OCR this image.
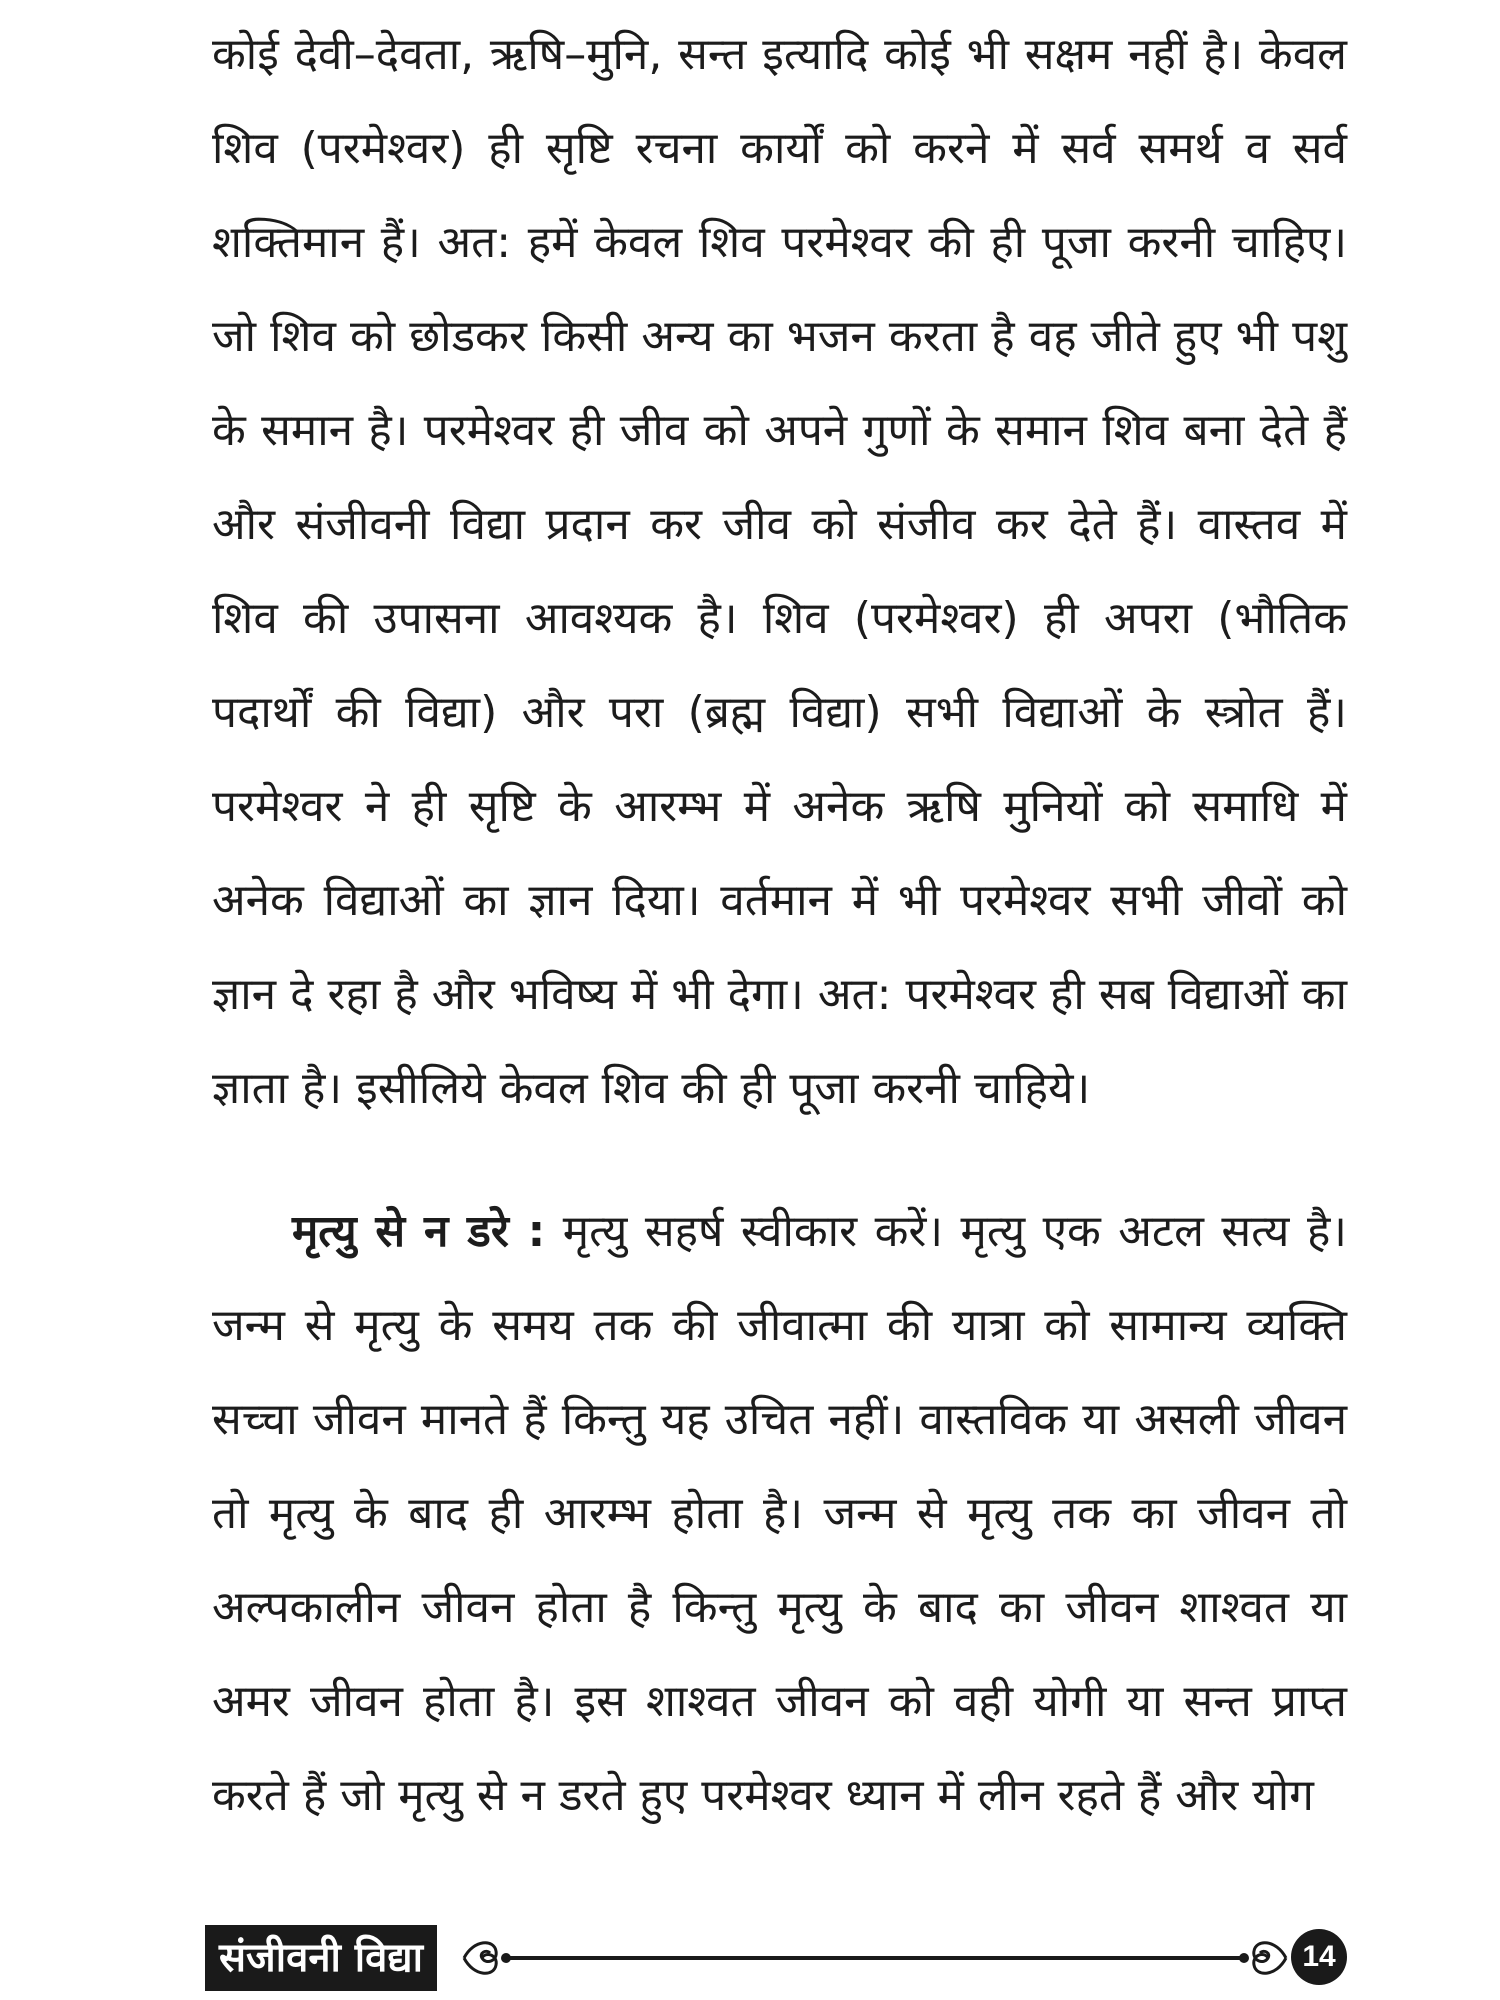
कोई देवी–देवता, ऋषि–मुनि, सन्त इत्यादि कोई भी सक्षम नहीं है। केवल शिव (परमेश्वर) ही सृष्टि रचना कार्यों को करने में सर्व समर्थ व सर्व शक्तिमान हैं। अत: हमें केवल शिव परमेश्वर की ही पूजा करनी चाहिए। जो शिव को छोडकर किसी अन्य का भजन करता है वह जीते हुए भी पशु के समान है। परमेश्वर ही जीव को अपने गुणों के समान शिव बना देते हैं और संजीवनी विद्या प्रदान कर जीव को संजीव कर देते हैं। वास्तव में शिव की उपासना आवश्यक है। शिव (परमेश्वर) ही अपरा (भौतिक पदार्थों की विद्या) और परा (ब्रह्म विद्या) सभी विद्याओं के स्त्रोत हैं। परमेश्वर ने ही सृष्टि के आरम्भ में अनेक ऋषि मुनियों को समाधि में अनेक विद्याओं का ज्ञान दिया। वर्तमान में भी परमेश्वर सभी जीवों को ज्ञान दे रहा है और भविष्य में भी देगा। अत: परमेश्वर ही सब विद्याओं का ज्ञाता है। इसीलिये केवल शिव की ही पूजा करनी चाहिये।

मृत्यु से न डरे : मृत्यु सहर्ष स्वीकार करें। मृत्यु एक अटल सत्य है। जन्म से मृत्यु के समय तक की जीवात्मा की यात्रा को सामान्य व्यक्ति सच्चा जीवन मानते हैं किन्तु यह उचित नहीं। वास्तविक या असली जीवन तो मृत्यु के बाद ही आरम्भ होता है। जन्म से मृत्यु तक का जीवन तो अल्पकालीन जीवन होता है किन्तु मृत्यु के बाद का जीवन शाश्वत या अमर जीवन होता है। इस शाश्वत जीवन को वही योगी या सन्त प्राप्त करते हैं जो मृत्यु से न डरते हुए परमेश्वर ध्यान में लीन रहते हैं और योग

संजीवनी विद्या	14
